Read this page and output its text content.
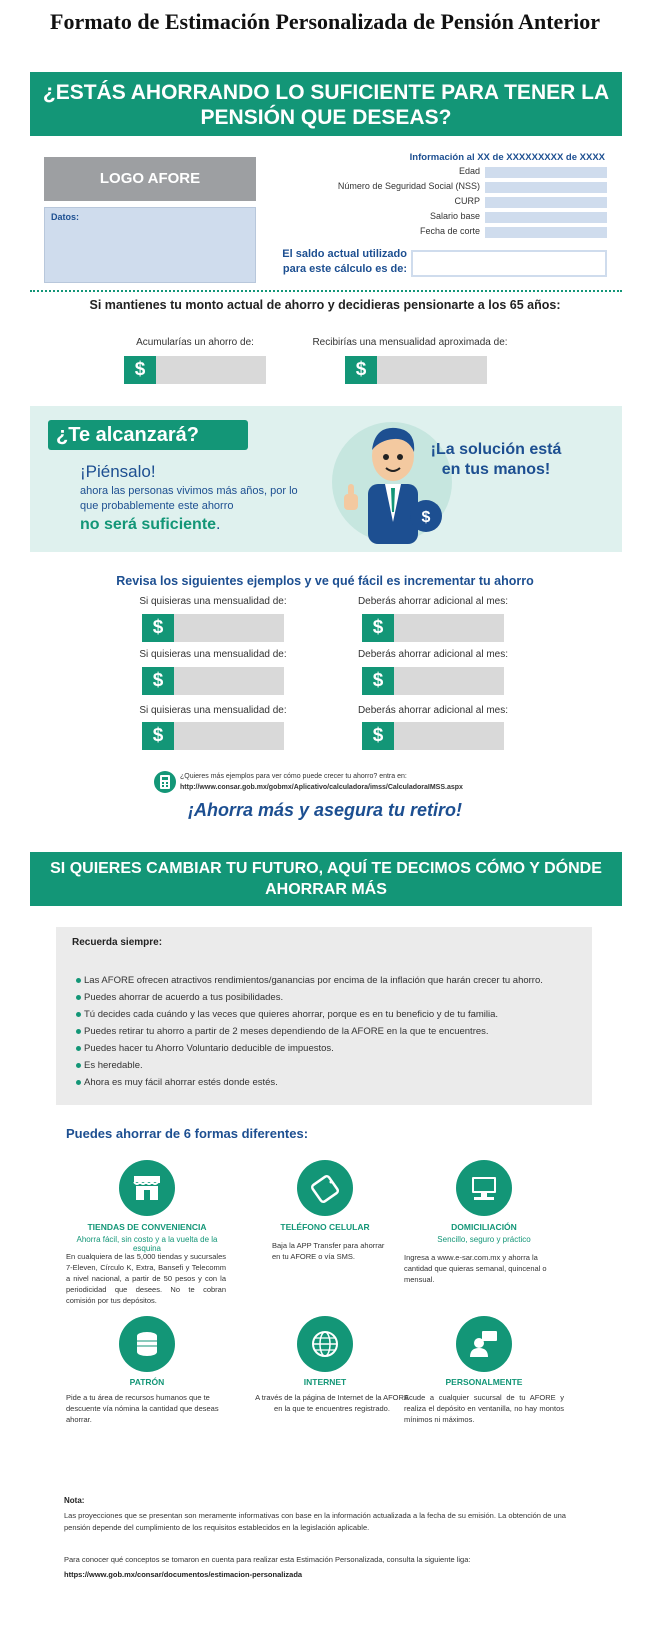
Formato de Estimación Personalizada de Pensión Anterior
¿ESTÁS AHORRANDO LO SUFICIENTE PARA TENER LA PENSIÓN QUE DESEAS?
LOGO AFORE
Datos:
Información al XX de XXXXXXXXX de XXXX
Edad
Número de Seguridad Social (NSS)
CURP
Salario base
Fecha de corte
El saldo actual utilizado para este cálculo es de:
Si mantienes tu monto actual de ahorro y decidieras pensionarte a los 65 años:
Acumularías un ahorro de:	Recibirías una mensualidad aproximada de:
$	$
¿Te alcanzará?
¡Piénsalo!
ahora las personas vivimos más años, por lo que probablemente este ahorro
no será suficiente.	$
¡La solución está en tus manos!
Revisa los siguientes ejemplos y ve qué fácil es incrementar tu ahorro
Si quisieras una mensualidad de:	Deberás ahorrar adicional al mes:
$	$
Si quisieras una mensualidad de:	Deberás ahorrar adicional al mes:
$	$
Si quisieras una mensualidad de:	Deberás ahorrar adicional al mes:
$	$
¿Quieres más ejemplos para ver cómo puede crecer tu ahorro? entra en:
http://www.consar.gob.mx/gobmx/Aplicativo/calculadora/imss/CalculadoraIMSS.aspx
¡Ahorra más y asegura tu retiro!
SI QUIERES CAMBIAR TU FUTURO, AQUÍ TE DECIMOS CÓMO Y DÓNDE AHORRAR MÁS
Recuerda siempre:
Las AFORE ofrecen atractivos rendimientos/ganancias por encima de la inflación que harán crecer tu ahorro.
Puedes ahorrar de acuerdo a tus posibilidades.
Tú decides cada cuándo y las veces que quieres ahorrar, porque es en tu beneficio y de tu familia.
Puedes retirar tu ahorro a partir de 2 meses dependiendo de la AFORE en la que te encuentres.
Puedes hacer tu Ahorro Voluntario deducible de impuestos.
Es heredable.
Ahora es muy fácil ahorrar estés donde estés.
Puedes ahorrar de 6 formas diferentes:
TIENDAS DE CONVENIENCIA
Ahorra fácil, sin costo y a la vuelta de la esquina
En cualquiera de las 5,000 tiendas y sucursales 7-Eleven, Círculo K, Extra, Bansefi y Telecomm a nivel nacional, a partir de 50 pesos y con la periodicidad que desees. No te cobran comisión por tus depósitos.
TELÉFONO CELULAR
Baja la APP Transfer para ahorrar en tu AFORE o vía SMS.
DOMICILIACIÓN
Sencillo, seguro y práctico
Ingresa a www.e-sar.com.mx y ahorra la cantidad que quieras semanal, quincenal o mensual.
PATRÓN
Pide a tu área de recursos humanos que te descuente vía nómina la cantidad que deseas ahorrar.
INTERNET
A través de la página de Internet de la AFORE en la que te encuentres registrado.
PERSONALMENTE
Acude a cualquier sucursal de tu AFORE y realiza el depósito en ventanilla, no hay montos mínimos ni máximos.
Nota:
Las proyecciones que se presentan son meramente informativas con base en la información actualizada a la fecha de su emisión. La obtención de una pensión depende del cumplimiento de los requisitos establecidos en la legislación aplicable.
Para conocer qué conceptos se tomaron en cuenta para realizar esta Estimación Personalizada, consulta la siguiente liga:
https://www.gob.mx/consar/documentos/estimacion-personalizada
